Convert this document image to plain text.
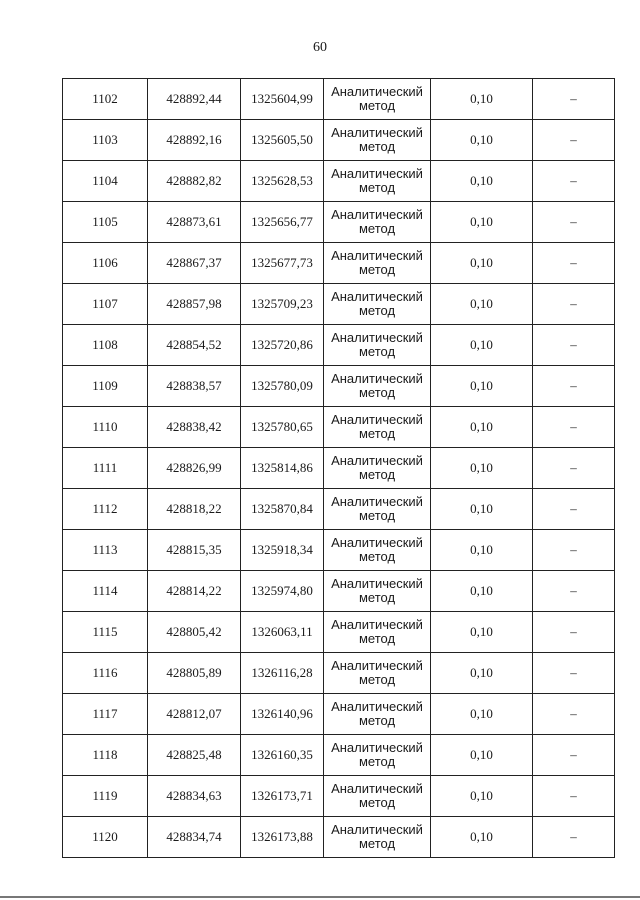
60
1102	428892,44	1325604,99	Аналитический
метод	0,10	–
1103	428892,16	1325605,50	Аналитический
метод	0,10	–
1104	428882,82	1325628,53	Аналитический
метод	0,10	–
1105	428873,61	1325656,77	Аналитический
метод	0,10	–
1106	428867,37	1325677,73	Аналитический
метод	0,10	–
1107	428857,98	1325709,23	Аналитический
метод	0,10	–
1108	428854,52	1325720,86	Аналитический
метод	0,10	–
1109	428838,57	1325780,09	Аналитический
метод	0,10	–
1110	428838,42	1325780,65	Аналитический
метод	0,10	–
1111	428826,99	1325814,86	Аналитический
метод	0,10	–
1112	428818,22	1325870,84	Аналитический
метод	0,10	–
1113	428815,35	1325918,34	Аналитический
метод	0,10	–
1114	428814,22	1325974,80	Аналитический
метод	0,10	–
1115	428805,42	1326063,11	Аналитический
метод	0,10	–
1116	428805,89	1326116,28	Аналитический
метод	0,10	–
1117	428812,07	1326140,96	Аналитический
метод	0,10	–
1118	428825,48	1326160,35	Аналитический
метод	0,10	–
1119	428834,63	1326173,71	Аналитический
метод	0,10	–
1120	428834,74	1326173,88	Аналитический
метод	0,10	–
